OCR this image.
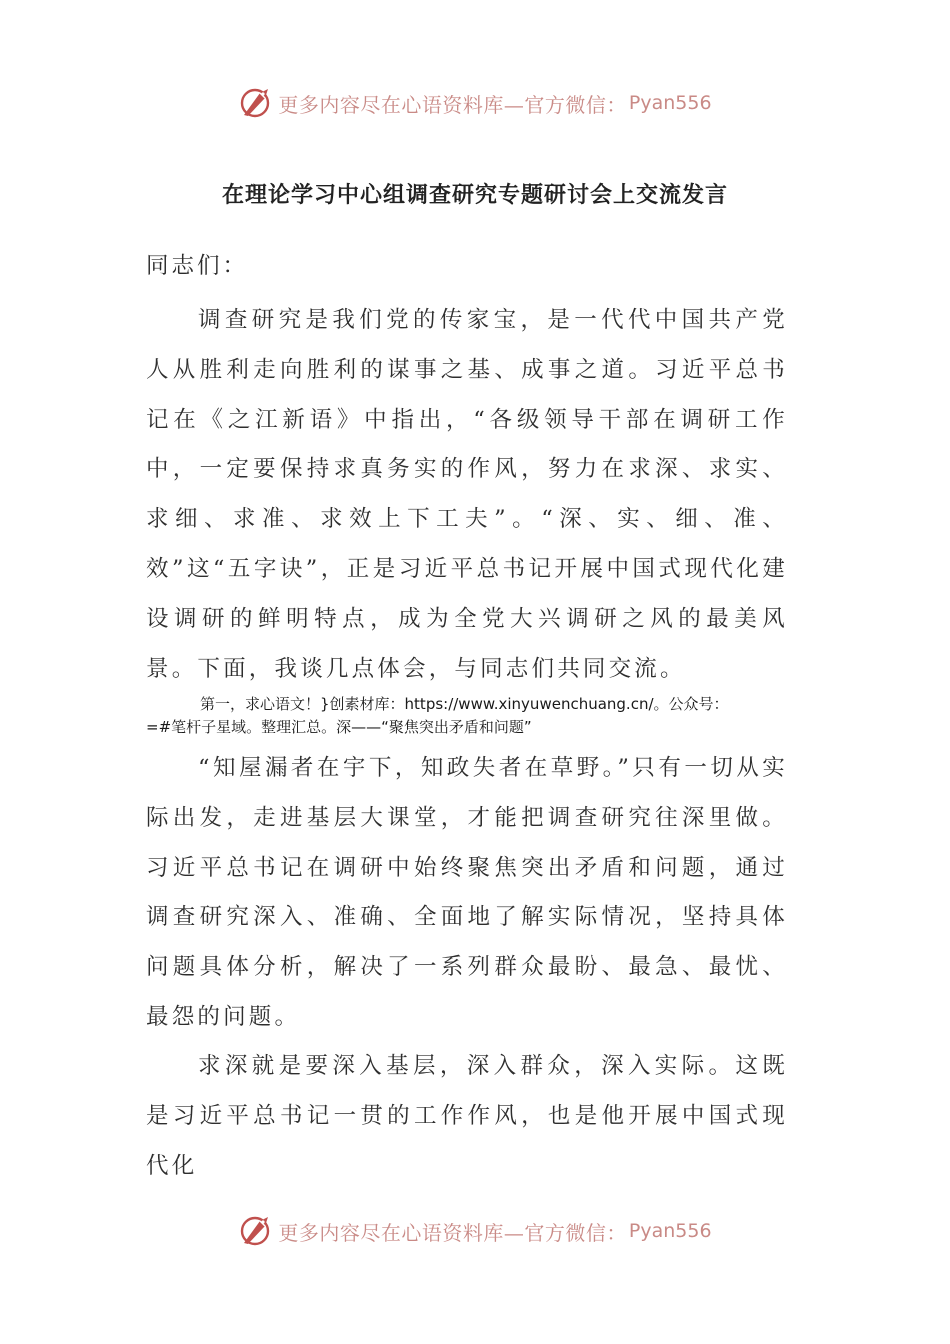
更多内容尽在心语资料库—官方微信： Pyan556
在理论学习中心组调查研究专题研讨会上交流发言
同志们：

调查研究是我们党的传家宝，是一代代中国共产党人从胜利走向胜利的谋事之基、成事之道。习近平总书记在《之江新语》中指出，“各级领导干部在调研工作中，一定要保持求真务实的作风，努力在求深、求实、求细、求准、求效上下工夫”。“深、实、细、准、效”这“五字诀”，正是习近平总书记开展中国式现代化建设调研的鲜明特点，成为全党大兴调研之风的最美风景。下面，我谈几点体会，与同志们共同交流。

第一，求心语文！}创素材库：https://www.xinyuwenchuang.cn/。公众号：
=#笔杆子星域。整理汇总。深——“聚焦突出矛盾和问题”

“知屋漏者在宇下，知政失者在草野。”只有一切从实际出发，走进基层大课堂，才能把调查研究往深里做。习近平总书记在调研中始终聚焦突出矛盾和问题，通过调查研究深入、准确、全面地了解实际情况，坚持具体问题具体分析，解决了一系列群众最盼、最急、最忧、最怨的问题。

求深就是要深入基层，深入群众，深入实际。这既是习近平总书记一贯的工作作风，也是他开展中国式现代化

更多内容尽在心语资料库—官方微信： Pyan556
